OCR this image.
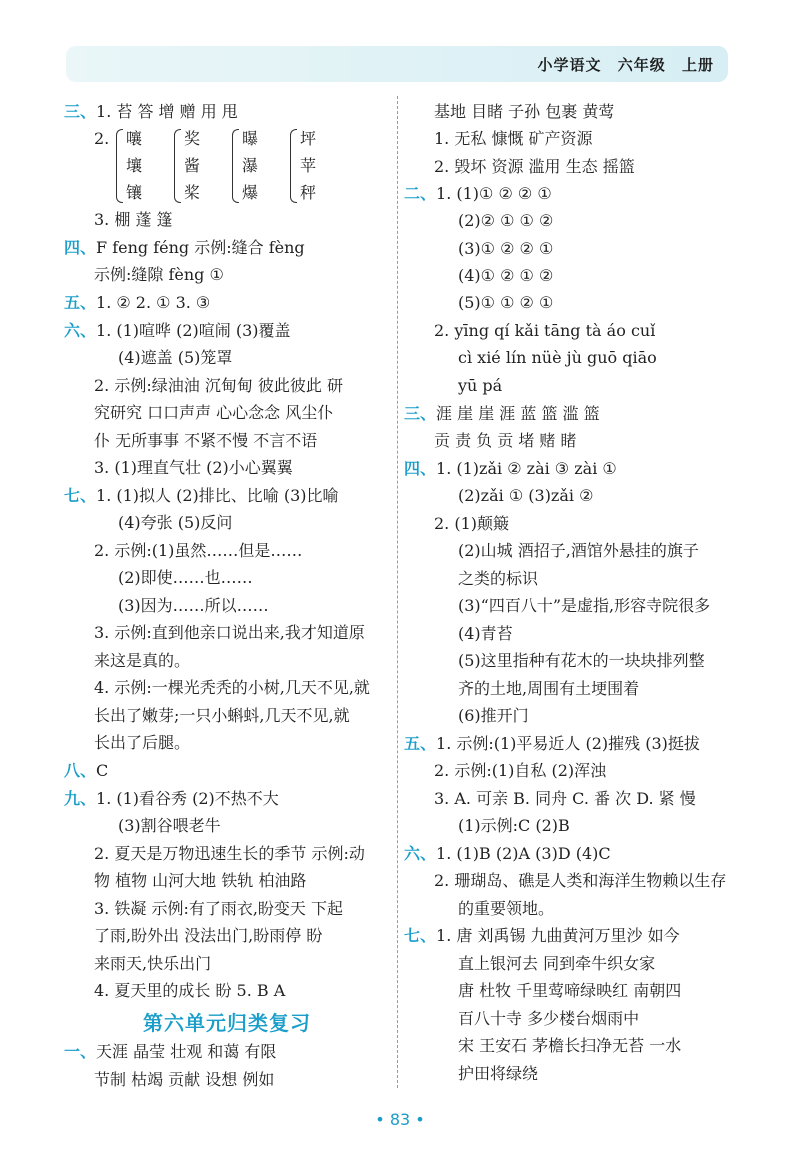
小学语文 六年级 上册
三、1. 苔 答 增 赠 用 甩
2. 嚷
壤
镶
奖
酱
桨
曝
瀑
爆
坪
苹
秤
3. 棚 蓬 篷
四、F feng féng 示例:缝合 fèng
示例:缝隙 fèng ①
五、1. ② 2. ① 3. ③
六、1. (1)喧哗 (2)喧闹 (3)覆盖
(4)遮盖 (5)笼罩
2. 示例:绿油油 沉甸甸 彼此彼此 研
究研究 口口声声 心心念念 风尘仆
仆 无所事事 不紧不慢 不言不语
3. (1)理直气壮 (2)小心翼翼
七、1. (1)拟人 (2)排比、比喻 (3)比喻
(4)夸张 (5)反问
2. 示例:(1)虽然……但是……
(2)即使……也……
(3)因为……所以……
3. 示例:直到他亲口说出来,我才知道原
来这是真的。
4. 示例:一棵光秃秃的小树,几天不见,就
长出了嫩芽;一只小蝌蚪,几天不见,就
长出了后腿。
八、C
九、1. (1)看谷秀 (2)不热不大
(3)割谷喂老牛
2. 夏天是万物迅速生长的季节 示例:动
物 植物 山河大地 铁轨 柏油路
3. 铁凝 示例:有了雨衣,盼变天 下起
了雨,盼外出 没法出门,盼雨停 盼
来雨天,快乐出门
4. 夏天里的成长 盼 5. B A
第六单元归类复习
一、天涯 晶莹 壮观 和蔼 有限
节制 枯竭 贡献 设想 例如
基地 目睹 子孙 包裹 黄莺
1. 无私 慷慨 矿产资源
2. 毁坏 资源 滥用 生态 摇篮
二、1. (1)① ② ② ①
(2)② ① ① ②
(3)① ② ② ①
(4)① ② ① ②
(5)① ① ② ①
2. yīng qí kǎi tāng tà áo cuǐ
cì xié lín nüè jù guō qiāo
yū pá
三、涯 崖 崖 涯 蓝 篮 滥 篮
贡 责 负 贡 堵 赌 睹
四、1. (1)zǎi ② zài ③ zài ①
(2)zǎi ① (3)zǎi ②
2. (1)颠簸
(2)山城 酒招子,酒馆外悬挂的旗子
之类的标识
(3)“四百八十”是虚指,形容寺院很多
(4)青苔
(5)这里指种有花木的一块块排列整
齐的土地,周围有土埂围着
(6)推开门
五、1. 示例:(1)平易近人 (2)摧残 (3)挺拔
2. 示例:(1)自私 (2)浑浊
3. A. 可亲 B. 同舟 C. 番 次 D. 紧 慢
(1)示例:C (2)B
六、1. (1)B (2)A (3)D (4)C
2. 珊瑚岛、礁是人类和海洋生物赖以生存
的重要领地。
七、1. 唐 刘禹锡 九曲黄河万里沙 如今
直上银河去 同到牵牛织女家
唐 杜牧 千里莺啼绿映红 南朝四
百八十寺 多少楼台烟雨中
宋 王安石 茅檐长扫净无苔 一水
护田将绿绕
• 83 •
